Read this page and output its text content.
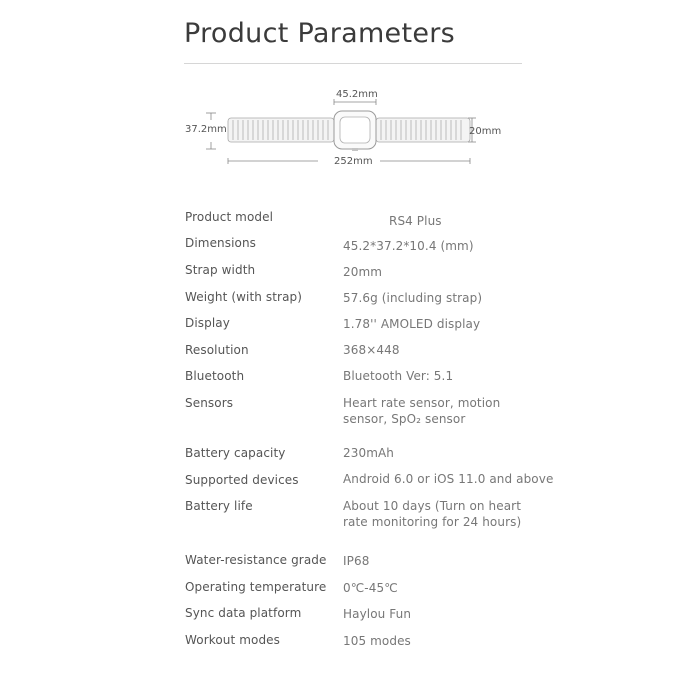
Product Parameters
45.2mm
37.2mm	20mm
252mm
Product model	RS4 Plus
Dimensions	45.2*37.2*10.4 (mm)
Strap width	20mm
Weight (with strap)	57.6g (including strap)
Display	1.78'' AMOLED display
Resolution	368×448
Bluetooth	Bluetooth Ver: 5.1
Sensors	Heart rate sensor, motion sensor, SpO₂ sensor
Battery capacity	230mAh
Supported devices	Android 6.0 or iOS 11.0 and above
Battery life	About 10 days (Turn on heart rate monitoring for 24 hours)
Water-resistance grade IP68
Operating temperature 0℃-45℃
Sync data platform	Haylou Fun
Workout modes	105 modes
